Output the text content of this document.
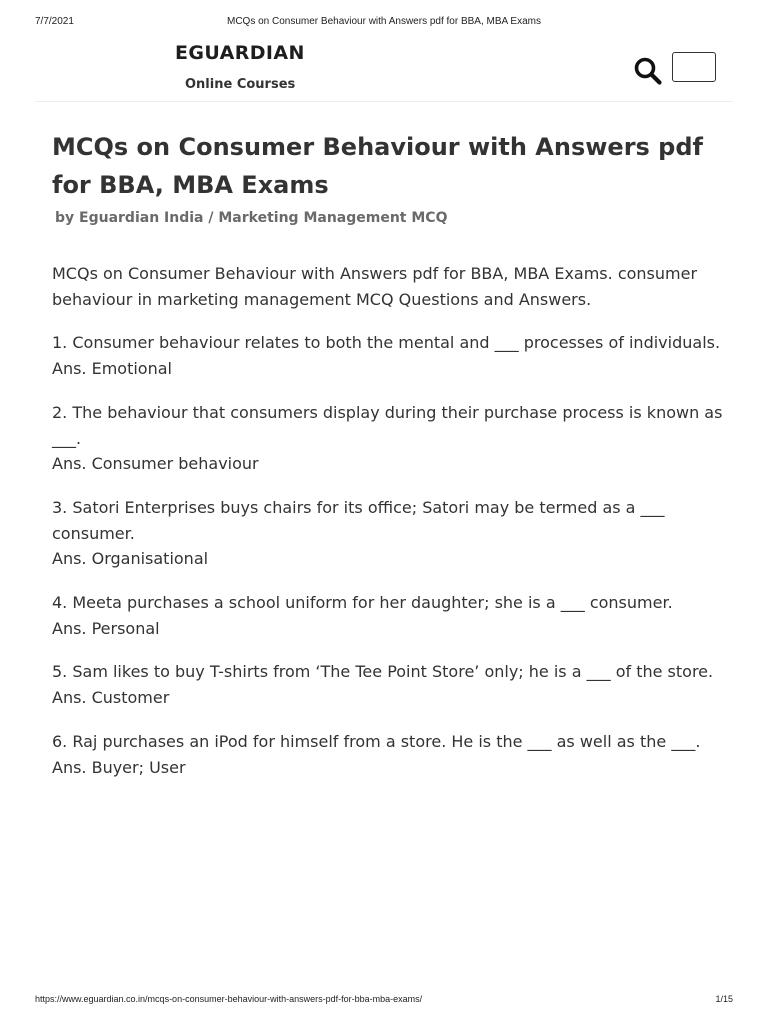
7/7/2021	MCQs on Consumer Behaviour with Answers pdf for BBA, MBA Exams
EGUARDIAN
Online Courses
MCQs on Consumer Behaviour with Answers pdf for BBA, MBA Exams
by Eguardian India / Marketing Management MCQ

MCQs on Consumer Behaviour with Answers pdf for BBA, MBA Exams. consumer behaviour in marketing management MCQ Questions and Answers.

1. Consumer behaviour relates to both the mental and ___ processes of individuals.

Ans. Emotional

2. The behaviour that consumers display during their purchase process is known as ___.

Ans. Consumer behaviour

3. Satori Enterprises buys chairs for its office; Satori may be termed as a ___ consumer.

Ans. Organisational

4. Meeta purchases a school uniform for her daughter; she is a ___ consumer.

Ans. Personal

5. Sam likes to buy T-shirts from ‘The Tee Point Store’ only; he is a ___ of the store.

Ans. Customer

6. Raj purchases an iPod for himself from a store. He is the ___ as well as the ___.

Ans. Buyer; User

https://www.eguardian.co.in/mcqs-on-consumer-behaviour-with-answers-pdf-for-bba-mba-exams/	1/15
